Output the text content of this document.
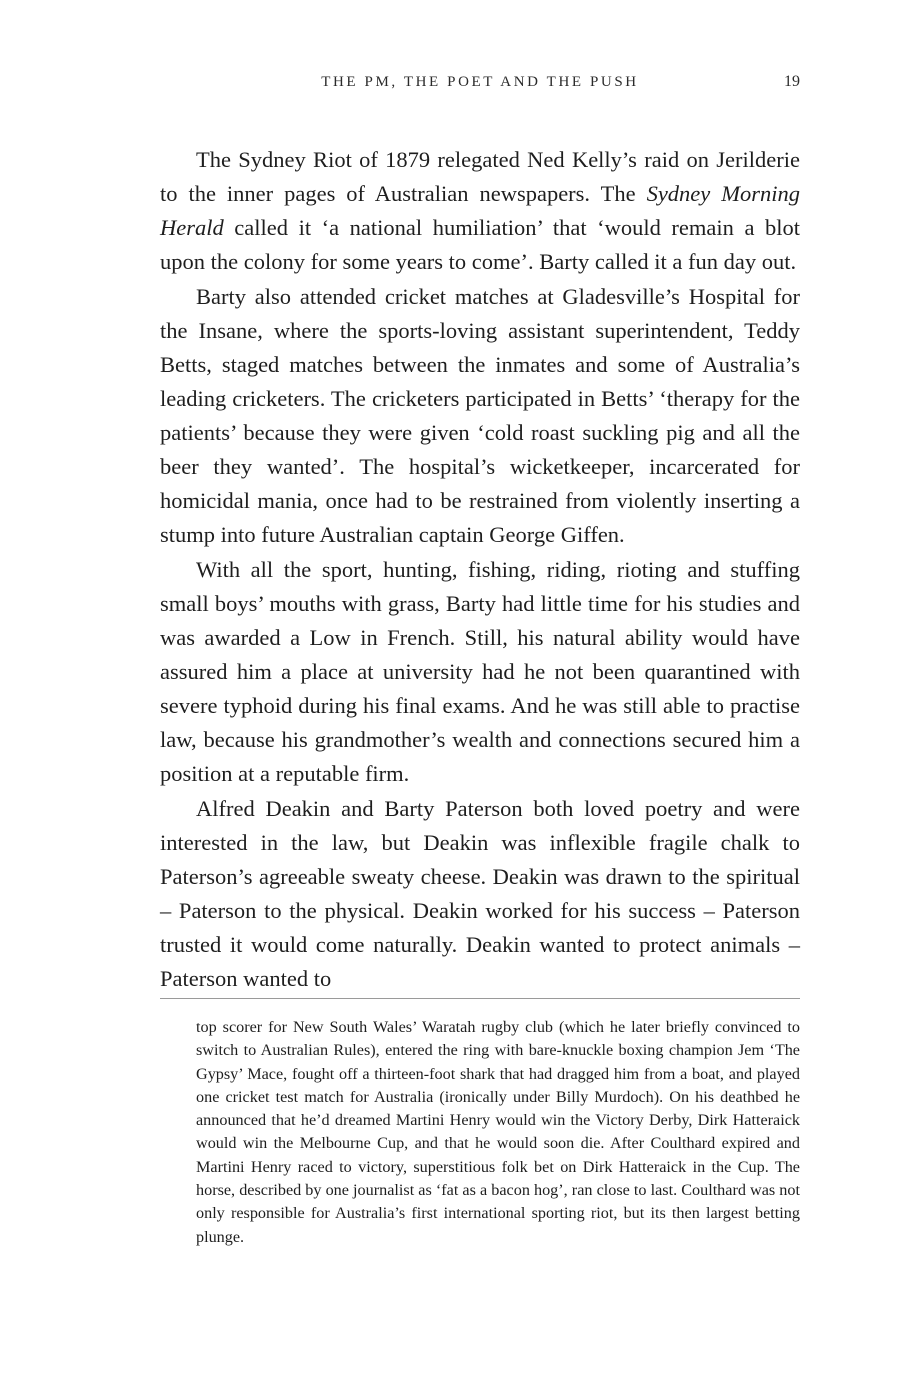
THE PM, THE POET AND THE PUSH	19

The Sydney Riot of 1879 relegated Ned Kelly’s raid on Jerilderie to the inner pages of Australian newspapers. The Sydney Morning Herald called it ‘a national humiliation’ that ‘would remain a blot upon the colony for some years to come’. Barty called it a fun day out.

Barty also attended cricket matches at Gladesville’s Hospital for the Insane, where the sports-loving assistant superintendent, Teddy Betts, staged matches between the inmates and some of Australia’s leading cricketers. The cricketers participated in Betts’ ‘therapy for the patients’ because they were given ‘cold roast suckling pig and all the beer they wanted’. The hospital’s wicketkeeper, incarcerated for homicidal mania, once had to be restrained from violently inserting a stump into future Australian captain George Giffen.

With all the sport, hunting, fishing, riding, rioting and stuffing small boys’ mouths with grass, Barty had little time for his studies and was awarded a Low in French. Still, his natural ability would have assured him a place at university had he not been quarantined with severe typhoid during his final exams. And he was still able to practise law, because his grandmother’s wealth and connections secured him a position at a reputable firm.

Alfred Deakin and Barty Paterson both loved poetry and were interested in the law, but Deakin was inflexible fragile chalk to Paterson’s agreeable sweaty cheese. Deakin was drawn to the spiritual – Paterson to the physical. Deakin worked for his success – Paterson trusted it would come naturally. Deakin wanted to protect animals – Paterson wanted to

top scorer for New South Wales’ Waratah rugby club (which he later briefly convinced to switch to Australian Rules), entered the ring with bare-knuckle boxing champion Jem ‘The Gypsy’ Mace, fought off a thirteen-foot shark that had dragged him from a boat, and played one cricket test match for Australia (ironically under Billy Murdoch). On his deathbed he announced that he’d dreamed Martini Henry would win the Victory Derby, Dirk Hatteraick would win the Melbourne Cup, and that he would soon die. After Coulthard expired and Martini Henry raced to victory, superstitious folk bet on Dirk Hatteraick in the Cup. The horse, described by one journalist as ‘fat as a bacon hog’, ran close to last. Coulthard was not only responsible for Australia’s first international sporting riot, but its then largest betting plunge.
